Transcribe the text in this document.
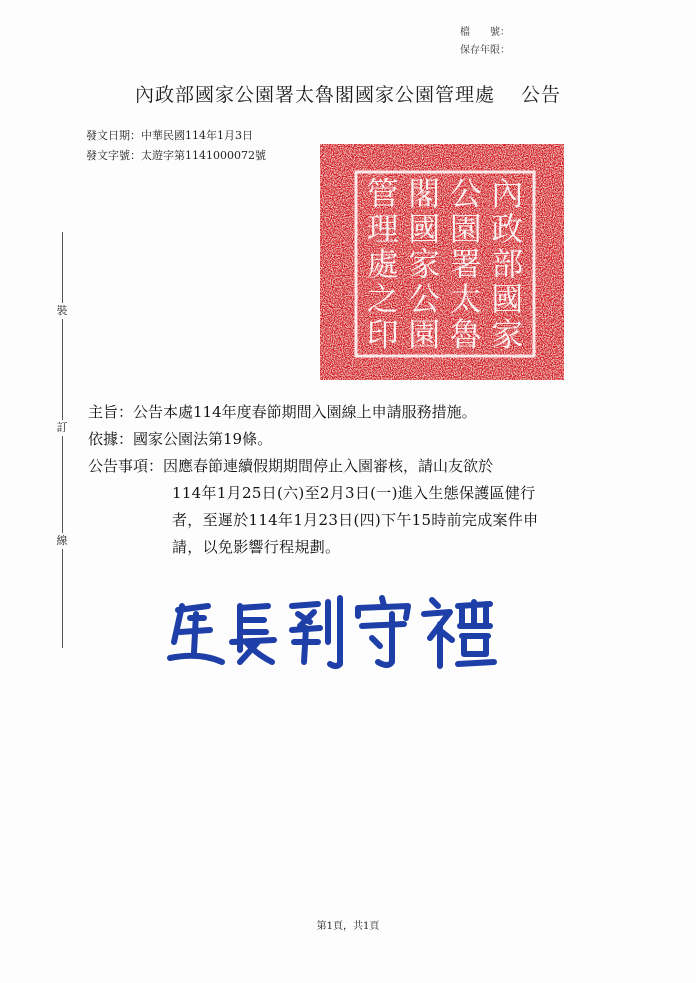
檔　　號：
保存年限：
內政部國家公園署太魯閣國家公園管理處 公告
發文日期：中華民國114年1月3日
發文字號：太遊字第1141000072號
裝
訂
線
內
政
部
國
家
公
園
署
太
魯
閣
國
家
公
園
管
理
處
之
印
主旨：公告本處114年度春節期間入園線上申請服務措施。
依據：國家公園法第19條。
公告事項：因應春節連續假期期間停止入園審核，請山友欲於
114年1月25日(六)至2月3日(一)進入生態保護區健行
者，至遲於114年1月23日(四)下午15時前完成案件申
請，以免影響行程規劃。
第1頁，共1頁
